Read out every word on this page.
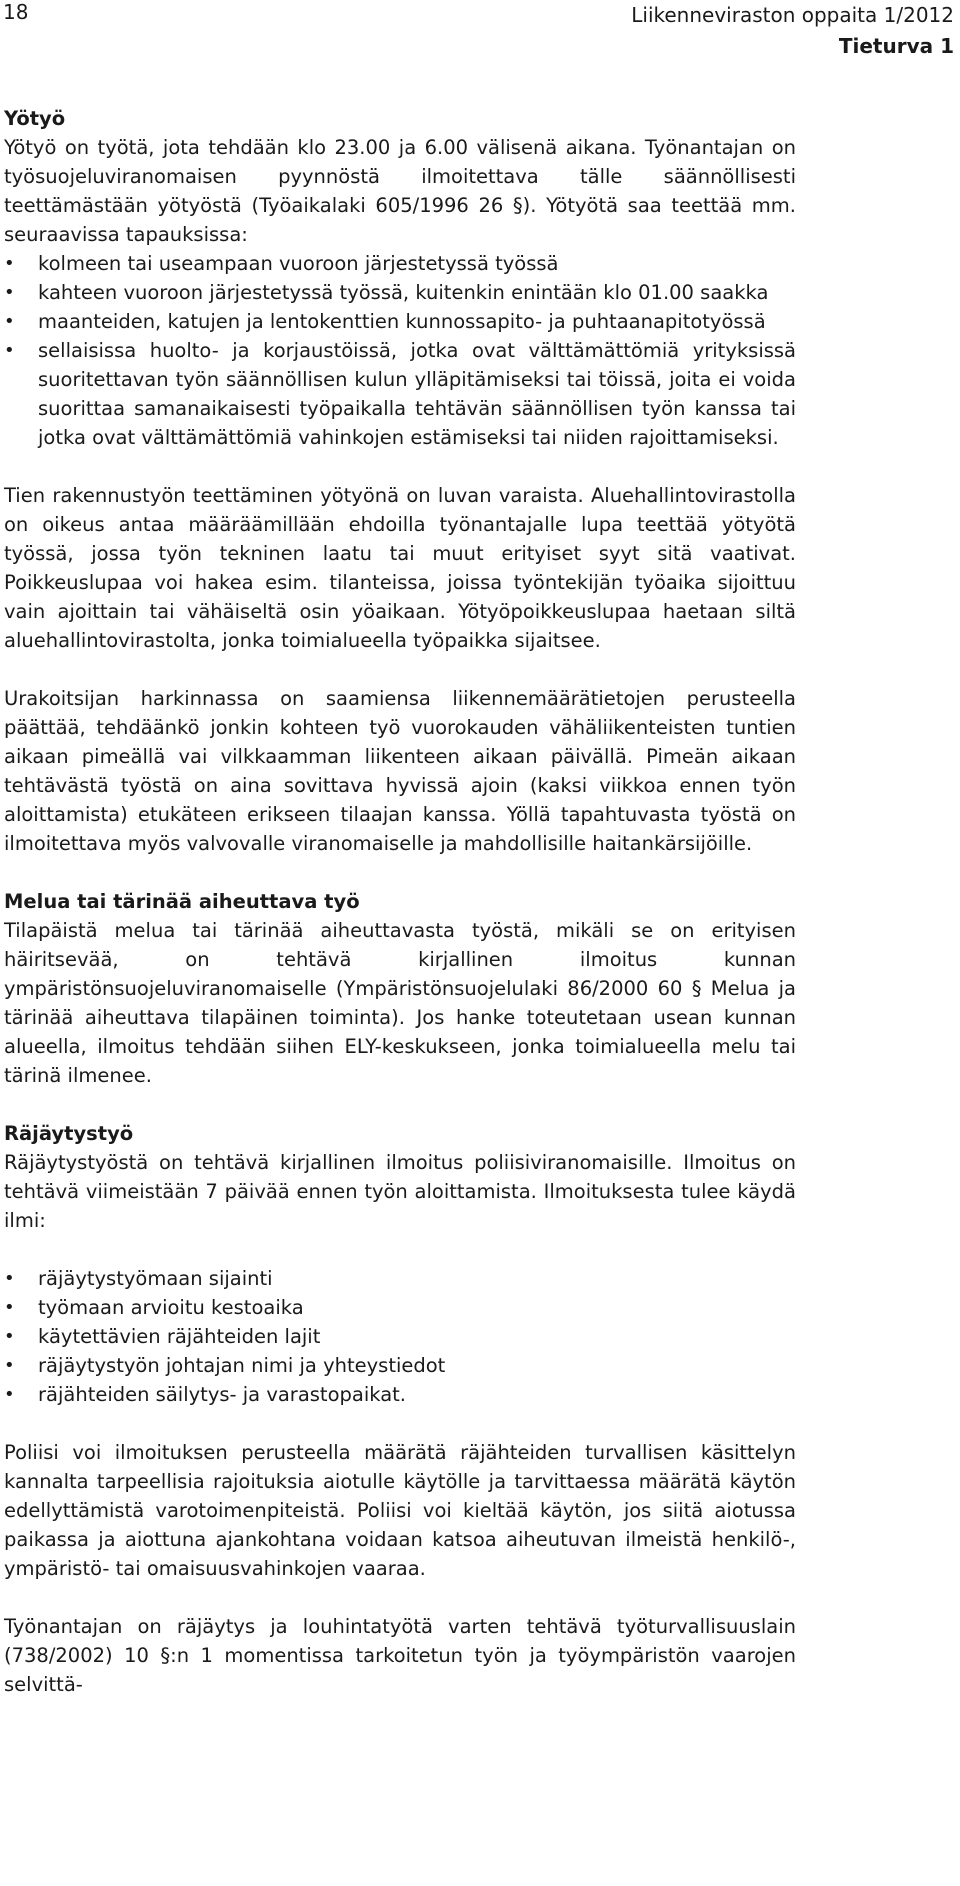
18	Liikenneviraston oppaita 1/2012
Tieturva 1
Yötyö

Yötyö on työtä, jota tehdään klo 23.00 ja 6.00 välisenä aikana. Työnantajan on työsuojeluviranomaisen pyynnöstä ilmoitettava tälle säännöllisesti teettämästään yötyöstä (Työaikalaki 605/1996 26 §). Yötyötä saa teettää mm. seuraavissa tapauksissa:

• kolmeen tai useampaan vuoroon järjestetyssä työssä
• kahteen vuoroon järjestetyssä työssä, kuitenkin enintään klo 01.00 saakka
• maanteiden, katujen ja lentokenttien kunnossapito- ja puhtaanapitotyössä
• sellaisissa huolto- ja korjaustöissä, jotka ovat välttämättömiä yrityksissä suoritettavan työn säännöllisen kulun ylläpitämiseksi tai töissä, joita ei voida suorittaa samanaikaisesti työpaikalla tehtävän säännöllisen työn kanssa tai jotka ovat välttämättömiä vahinkojen estämiseksi tai niiden rajoittamiseksi.

Tien rakennustyön teettäminen yötyönä on luvan varaista. Aluehallintovirastolla on oikeus antaa määräämillään ehdoilla työnantajalle lupa teettää yötyötä työssä, jossa työn tekninen laatu tai muut erityiset syyt sitä vaativat. Poikkeuslupaa voi hakea esim. tilanteissa, joissa työntekijän työaika sijoittuu vain ajoittain tai vähäiseltä osin yöaikaan. Yötyöpoikkeuslupaa haetaan siltä aluehallintovirastolta, jonka toimialueella työpaikka sijaitsee.

Urakoitsijan harkinnassa on saamiensa liikennemäärätietojen perusteella päättää, tehdäänkö jonkin kohteen työ vuorokauden vähäliikenteisten tuntien aikaan pimeällä vai vilkkaamman liikenteen aikaan päivällä. Pimeän aikaan tehtävästä työstä on aina sovittava hyvissä ajoin (kaksi viikkoa ennen työn aloittamista) etukäteen erikseen tilaajan kanssa. Yöllä tapahtuvasta työstä on ilmoitettava myös valvovalle viranomaiselle ja mahdollisille haitankärsijöille.

Melua tai tärinää aiheuttava työ

Tilapäistä melua tai tärinää aiheuttavasta työstä, mikäli se on erityisen häiritsevää, on tehtävä kirjallinen ilmoitus kunnan ympäristönsuojeluviranomaiselle (Ympäristönsuojelulaki 86/2000 60 § Melua ja tärinää aiheuttava tilapäinen toiminta). Jos hanke toteutetaan usean kunnan alueella, ilmoitus tehdään siihen ELY-keskukseen, jonka toimialueella melu tai tärinä ilmenee.

Räjäytystyö

Räjäytystyöstä on tehtävä kirjallinen ilmoitus poliisiviranomaisille. Ilmoitus on tehtävä viimeistään 7 päivää ennen työn aloittamista. Ilmoituksesta tulee käydä ilmi:

• räjäytystyömaan sijainti
• työmaan arvioitu kestoaika
• käytettävien räjähteiden lajit
• räjäytystyön johtajan nimi ja yhteystiedot
• räjähteiden säilytys- ja varastopaikat.

Poliisi voi ilmoituksen perusteella määrätä räjähteiden turvallisen käsittelyn kannalta tarpeellisia rajoituksia aiotulle käytölle ja tarvittaessa määrätä käytön edellyttämistä varotoimenpiteistä. Poliisi voi kieltää käytön, jos siitä aiotussa paikassa ja aiottuna ajankohtana voidaan katsoa aiheutuvan ilmeistä henkilö-, ympäristö- tai omaisuusvahinkojen vaaraa.

Työnantajan on räjäytys ja louhintatyötä varten tehtävä työturvallisuuslain (738/2002) 10 §:n 1 momentissa tarkoitetun työn ja työympäristön vaarojen selvittä-
